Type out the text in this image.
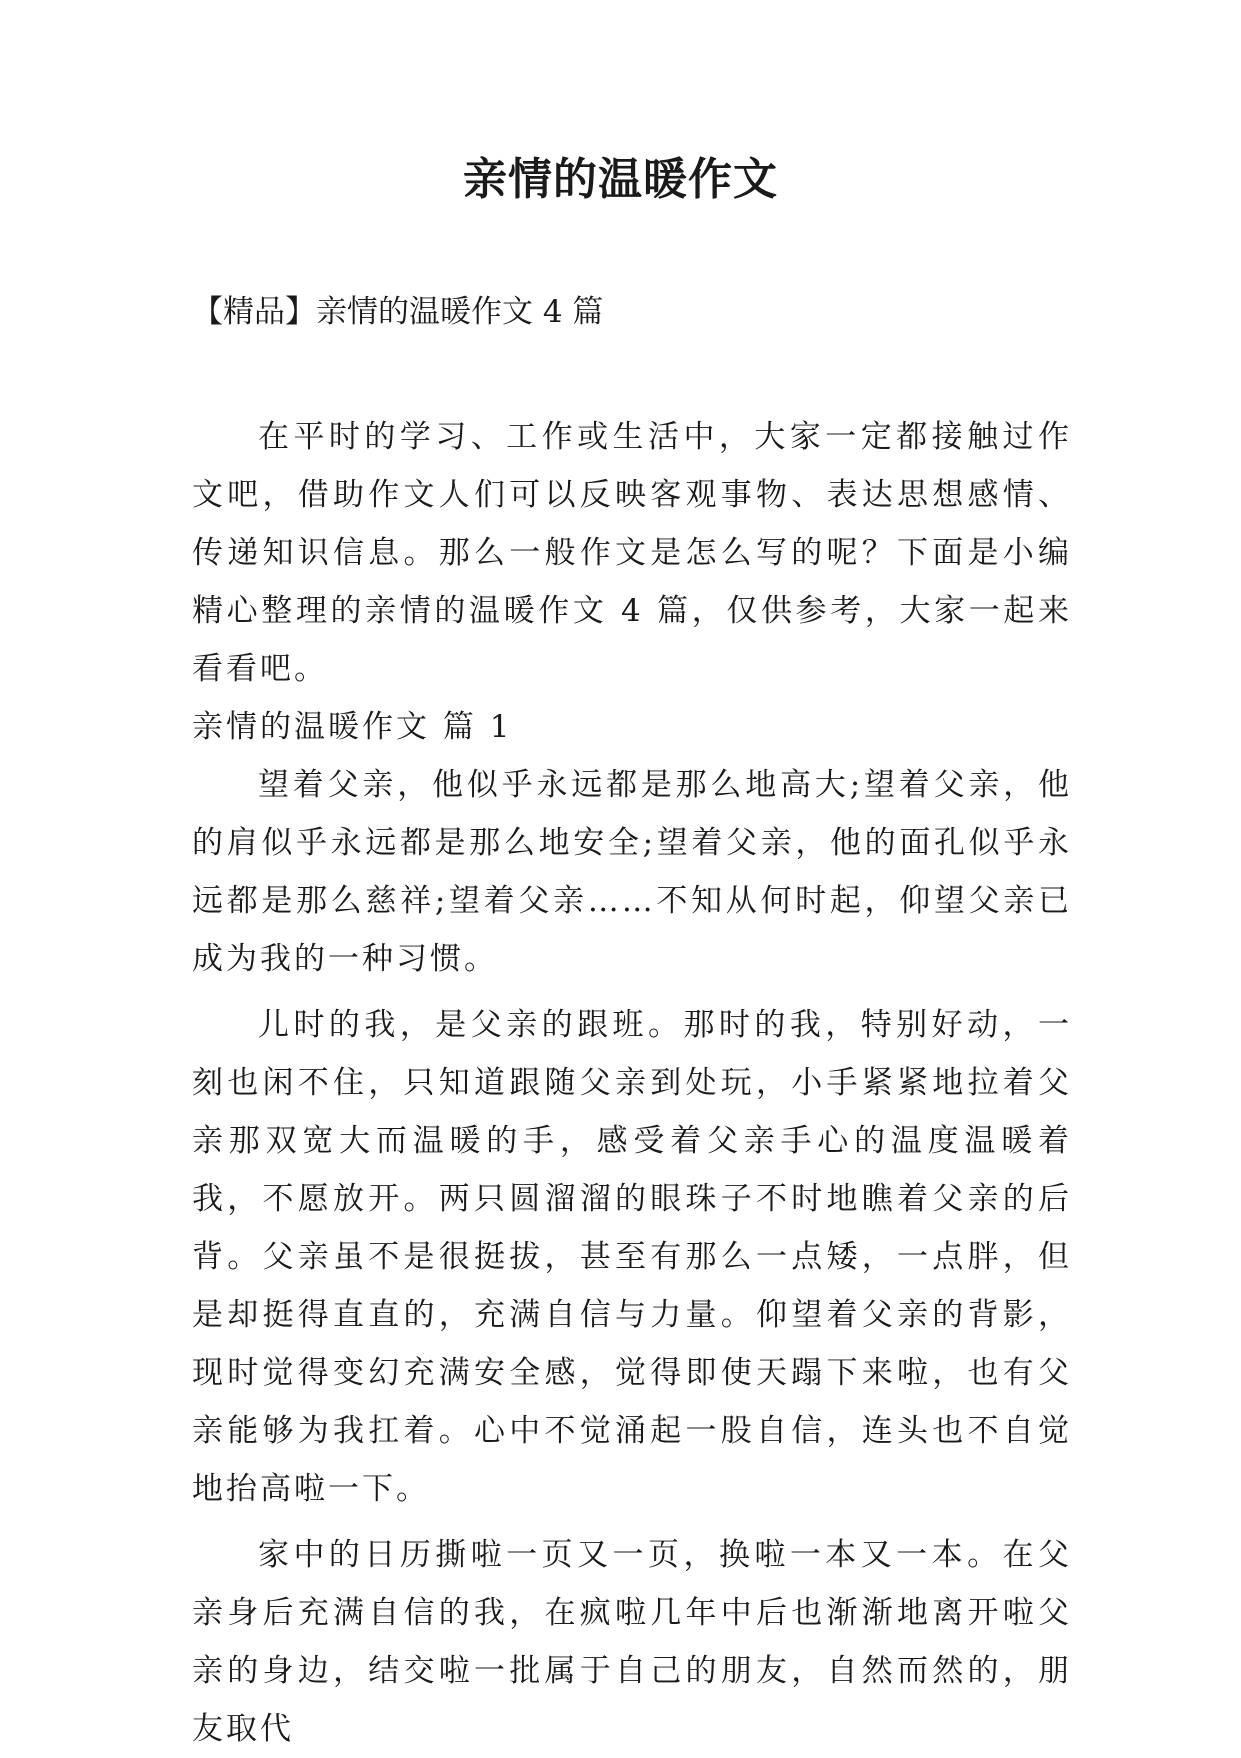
亲情的温暖作文

【精品】亲情的温暖作文 4 篇

在平时的学习、工作或生活中，大家一定都接触过作文吧，借助作文人们可以反映客观事物、表达思想感情、传递知识信息。那么一般作文是怎么写的呢？下面是小编精心整理的亲情的温暖作文 4 篇，仅供参考，大家一起来看看吧。

亲情的温暖作文 篇 1

望着父亲，他似乎永远都是那么地高大;望着父亲，他的肩似乎永远都是那么地安全;望着父亲，他的面孔似乎永远都是那么慈祥;望着父亲……不知从何时起，仰望父亲已成为我的一种习惯。

儿时的我，是父亲的跟班。那时的我，特别好动，一刻也闲不住，只知道跟随父亲到处玩，小手紧紧地拉着父亲那双宽大而温暖的手，感受着父亲手心的温度温暖着我，不愿放开。两只圆溜溜的眼珠子不时地瞧着父亲的后背。父亲虽不是很挺拔，甚至有那么一点矮，一点胖，但是却挺得直直的，充满自信与力量。仰望着父亲的背影，现时觉得变幻充满安全感，觉得即使天蹋下来啦，也有父亲能够为我扛着。心中不觉涌起一股自信，连头也不自觉地抬高啦一下。

家中的日历撕啦一页又一页，换啦一本又一本。在父亲身后充满自信的我，在疯啦几年中后也渐渐地离开啦父亲的身边，结交啦一批属于自己的朋友，自然而然的，朋友取代
